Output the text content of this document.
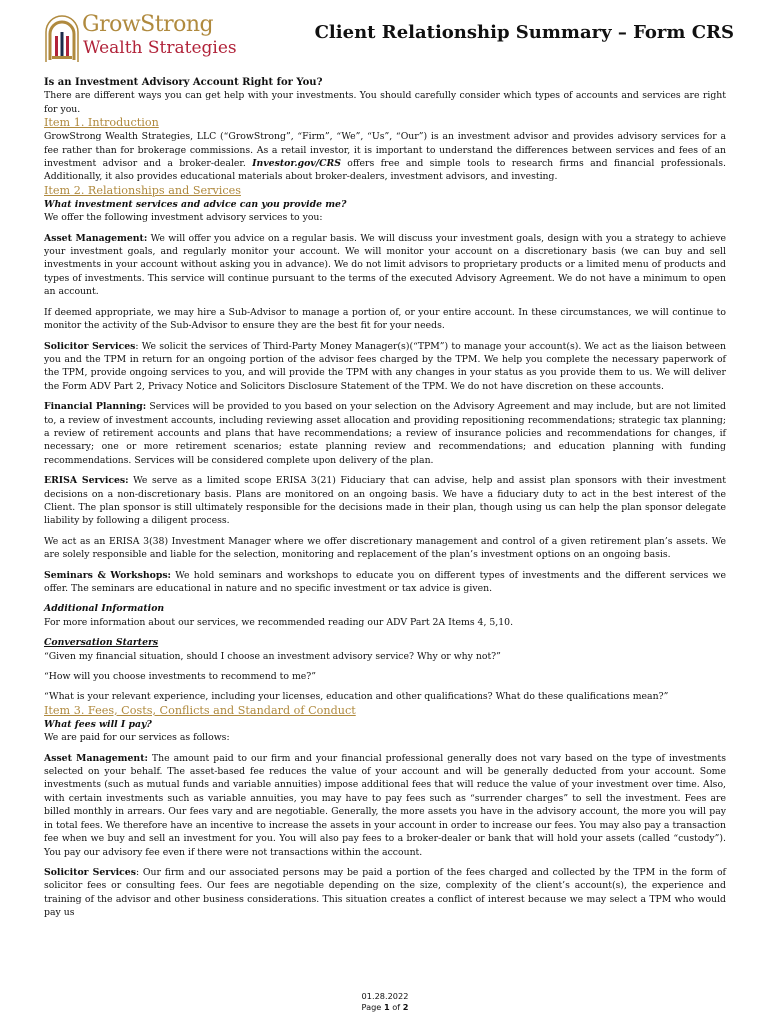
GrowStrong
Wealth Strategies
Client Relationship Summary – Form CRS

Is an Investment Advisory Account Right for You?

There are different ways you can get help with your investments. You should carefully consider which types of accounts and services are right for you.

Item 1. Introduction

GrowStrong Wealth Strategies, LLC (“GrowStrong”, “Firm”, “We”, “Us”, “Our”) is an investment advisor and provides advisory services for a fee rather than for brokerage commissions. As a retail investor, it is important to understand the differences between services and fees of an investment advisor and a broker-dealer. Investor.gov/CRS offers free and simple tools to research firms and financial professionals. Additionally, it also provides educational materials about broker-dealers, investment advisors, and investing.

Item 2. Relationships and Services

What investment services and advice can you provide me?

We offer the following investment advisory services to you:

Asset Management: We will offer you advice on a regular basis. We will discuss your investment goals, design with you a strategy to achieve your investment goals, and regularly monitor your account. We will monitor your account on a discretionary basis (we can buy and sell investments in your account without asking you in advance). We do not limit advisors to proprietary products or a limited menu of products and types of investments. This service will continue pursuant to the terms of the executed Advisory Agreement. We do not have a minimum to open an account.

If deemed appropriate, we may hire a Sub-Advisor to manage a portion of, or your entire account. In these circumstances, we will continue to monitor the activity of the Sub-Advisor to ensure they are the best fit for your needs.

Solicitor Services: We solicit the services of Third-Party Money Manager(s)(“TPM”) to manage your account(s). We act as the liaison between you and the TPM in return for an ongoing portion of the advisor fees charged by the TPM. We help you complete the necessary paperwork of the TPM, provide ongoing services to you, and will provide the TPM with any changes in your status as you provide them to us. We will deliver the Form ADV Part 2, Privacy Notice and Solicitors Disclosure Statement of the TPM. We do not have discretion on these accounts.

Financial Planning: Services will be provided to you based on your selection on the Advisory Agreement and may include, but are not limited to, a review of investment accounts, including reviewing asset allocation and providing repositioning recommendations; strategic tax planning; a review of retirement accounts and plans that have recommendations; a review of insurance policies and recommendations for changes, if necessary; one or more retirement scenarios; estate planning review and recommendations; and education planning with funding recommendations. Services will be considered complete upon delivery of the plan.

ERISA Services: We serve as a limited scope ERISA 3(21) Fiduciary that can advise, help and assist plan sponsors with their investment decisions on a non-discretionary basis. Plans are monitored on an ongoing basis. We have a fiduciary duty to act in the best interest of the Client. The plan sponsor is still ultimately responsible for the decisions made in their plan, though using us can help the plan sponsor delegate liability by following a diligent process.

We act as an ERISA 3(38) Investment Manager where we offer discretionary management and control of a given retirement plan’s assets. We are solely responsible and liable for the selection, monitoring and replacement of the plan’s investment options on an ongoing basis.

Seminars & Workshops: We hold seminars and workshops to educate you on different types of investments and the different services we offer. The seminars are educational in nature and no specific investment or tax advice is given.

Additional Information

For more information about our services, we recommended reading our ADV Part 2A Items 4, 5,10.

Conversation Starters

“Given my financial situation, should I choose an investment advisory service? Why or why not?”

“How will you choose investments to recommend to me?”

“What is your relevant experience, including your licenses, education and other qualifications? What do these qualifications mean?”

Item 3. Fees, Costs, Conflicts and Standard of Conduct

What fees will I pay?

We are paid for our services as follows:

Asset Management: The amount paid to our firm and your financial professional generally does not vary based on the type of investments selected on your behalf. The asset-based fee reduces the value of your account and will be generally deducted from your account. Some investments (such as mutual funds and variable annuities) impose additional fees that will reduce the value of your investment over time. Also, with certain investments such as variable annuities, you may have to pay fees such as “surrender charges” to sell the investment. Fees are billed monthly in arrears. Our fees vary and are negotiable. Generally, the more assets you have in the advisory account, the more you will pay in total fees. We therefore have an incentive to increase the assets in your account in order to increase our fees. You may also pay a transaction fee when we buy and sell an investment for you. You will also pay fees to a broker-dealer or bank that will hold your assets (called “custody”). You pay our advisory fee even if there were not transactions within the account.

Solicitor Services: Our firm and our associated persons may be paid a portion of the fees charged and collected by the TPM in the form of solicitor fees or consulting fees. Our fees are negotiable depending on the size, complexity of the client’s account(s), the experience and training of the advisor and other business considerations. This situation creates a conflict of interest because we may select a TPM who would pay us

01.28.2022
Page 1 of 2
